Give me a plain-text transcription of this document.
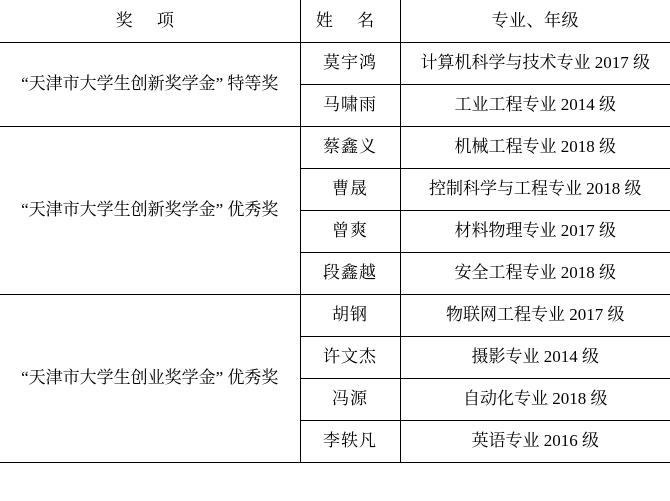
奖 项	姓 名	专业、年级
“天津市大学生创新奖学金” 特等奖	莫宇鸿	计算机科学与技术专业 2017 级
	马啸雨	工业工程专业 2014 级
“天津市大学生创新奖学金” 优秀奖	蔡鑫义	机械工程专业 2018 级
	曹晟	控制科学与工程专业 2018 级
	曾爽	材料物理专业 2017 级
	段鑫越	安全工程专业 2018 级
“天津市大学生创业奖学金” 优秀奖	胡钢	物联网工程专业 2017 级
	许文杰	摄影专业 2014 级
	冯源	自动化专业 2018 级
	李轶凡	英语专业 2016 级
